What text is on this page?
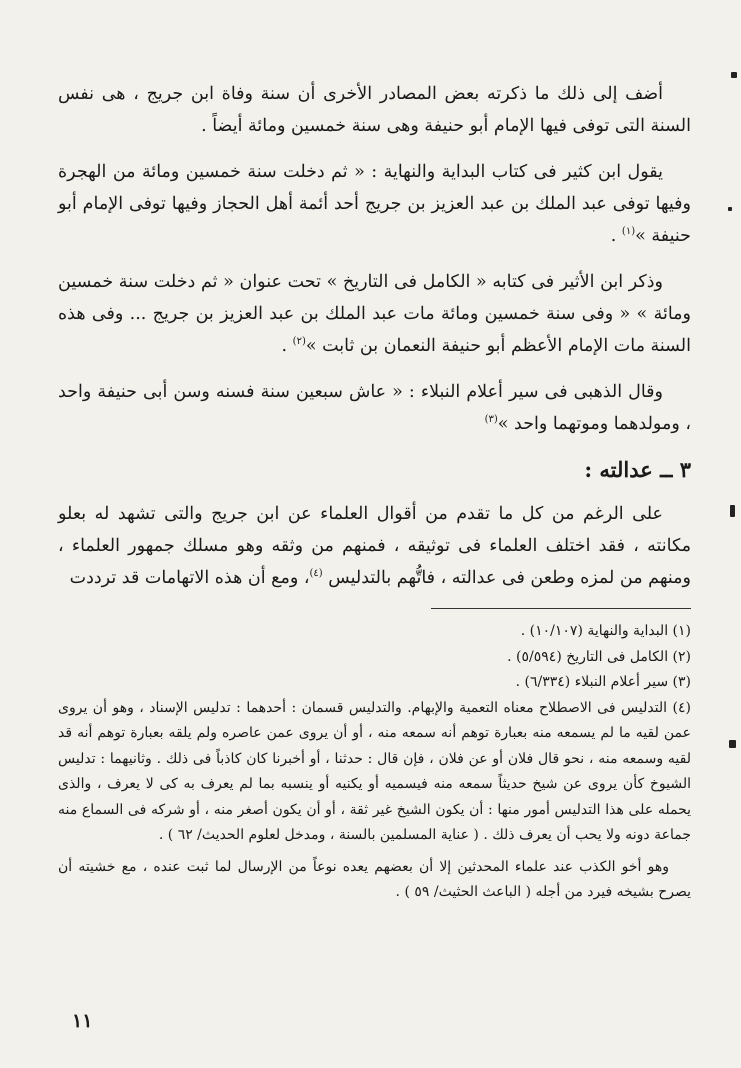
أضف إلى ذلك ما ذكرته بعض المصادر الأخرى أن سنة وفاة ابن جريج ، هى نفس السنة التى توفى فيها الإمام أبو حنيفة وهى سنة خمسين ومائة أيضاً .

يقول ابن كثير فى كتاب البداية والنهاية : « ثم دخلت سنة خمسين ومائة من الهجرة وفيها توفى عبد الملك بن عبد العزيز بن جريج أحد أئمة أهل الحجاز وفيها توفى الإمام أبو حنيفة »$^{(١)}$ .

وذكر ابن الأثير فى كتابه « الكامل فى التاريخ » تحت عنوان « ثم دخلت سنة خمسين ومائة » « وفى سنة خمسين ومائة مات عبد الملك بن عبد العزيز بن جريج ... وفى هذه السنة مات الإمام الأعظم أبو حنيفة النعمان بن ثابت »$^{(٢)}$ .

وقال الذهبى فى سير أعلام النبلاء : « عاش سبعين سنة فسنه وسن أبى حنيفة واحد ، ومولدهما وموتهما واحد »$^{(٣)}$

٣ ــ عدالته :

على الرغم من كل ما تقدم من أقوال العلماء عن ابن جريج والتى تشهد له بعلو مكانته ، فقد اختلف العلماء فى توثيقه ، فمنهم من وثقه وهو مسلك جمهور العلماء ، ومنهم من لمزه وطعن فى عدالته ، فاتُّهم بالتدليس $^{(٤)}$، ومع أن هذه الاتهامات قد ترددت

(١) البداية والنهاية (١٠/١٠٧) .

(٢) الكامل فى التاريخ (٥/٥٩٤) .

(٣) سير أعلام النبلاء (٦/٣٣٤) .

(٤) التدليس فى الاصطلاح معناه التعمية والإبهام. والتدليس قسمان : أحدهما : تدليس الإسناد ، وهو أن يروى عمن لقيه ما لم يسمعه منه بعبارة توهم أنه سمعه منه ، أو أن يروى عمن عاصره ولم يلقه بعبارة توهم أنه قد لقيه وسمعه منه ، نحو قال فلان أو عن فلان ، فإن قال : حدثنا ، أو أخبرنا كان كاذباً فى ذلك . وثانيهما : تدليس الشيوخ كأن يروى عن شيخ حديثاً سمعه منه فيسميه أو يكنيه أو ينسبه بما لم يعرف به كى لا يعرف ، والذى يحمله على هذا التدليس أمور منها : أن يكون الشيخ غير ثقة ، أو أن يكون أصغر منه ، أو شركه فى السماع منه جماعة دونه ولا يحب أن يعرف ذلك . ( عناية المسلمين بالسنة ، ومدخل لعلوم الحديث/ ٦٢ ) .

وهو أخو الكذب عند علماء المحدثين إلا أن بعضهم يعده نوعاً من الإرسال لما ثبت عنده ، مع خشيته أن يصرح بشيخه فيرد من أجله ( الباعث الحثيث/ ٥٩ ) .

١١
